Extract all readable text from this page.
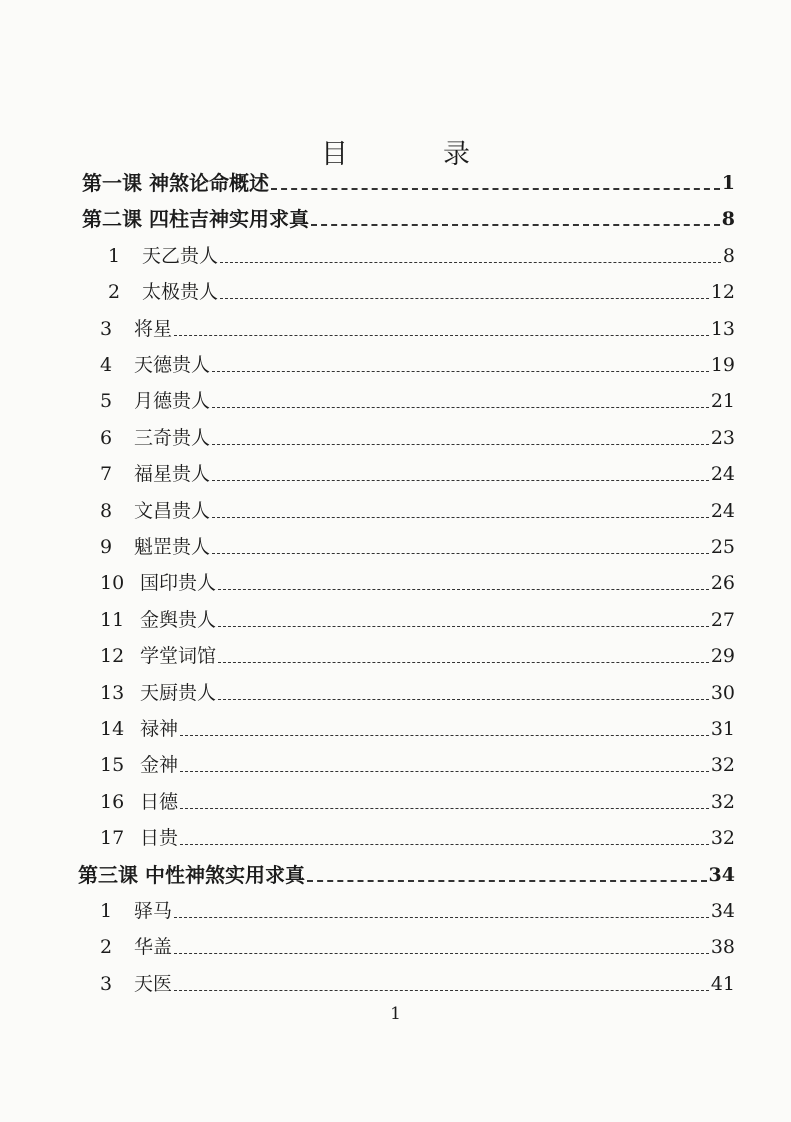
目　录
第一课 神煞论命概述	1
第二课 四柱吉神实用求真	8
1 天乙贵人	8
2 太极贵人	12
3 将星	13
4 天德贵人	19
5 月德贵人	21
6 三奇贵人	23
7 福星贵人	24
8 文昌贵人	24
9 魁罡贵人	25
10 国印贵人	26
11 金舆贵人	27
12 学堂词馆	29
13 天厨贵人	30
14 禄神	31
15 金神	32
16 日德	32
17 日贵	32
第三课 中性神煞实用求真	34
1 驿马	34
2 华盖	38
3 天医	41
1
